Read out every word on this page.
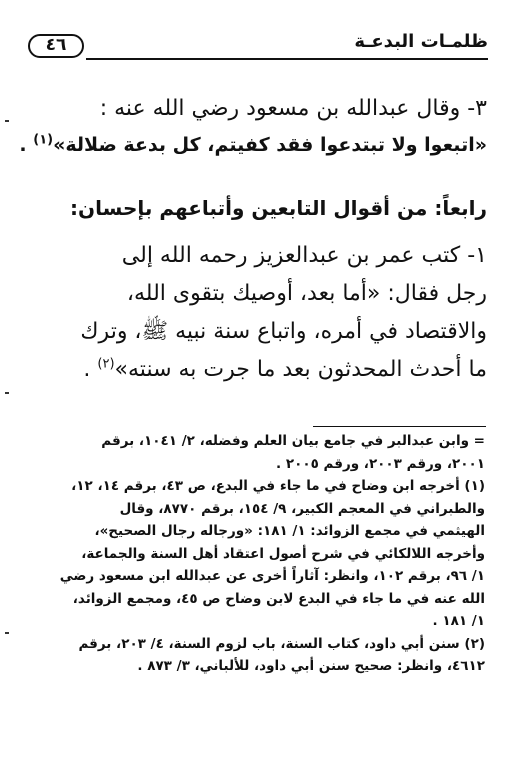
٤٦	ظلمـات البدعـة
٣- وقال عبدالله بن مسعود رضي الله عنه :
«اتبعوا ولا تبتدعوا فقد كفيتم، كل بدعة ضلالة»$^{(١)}$ .
رابعاً: من أقوال التابعين وأتباعهم بإحسان:
١- كتب عمر بن عبدالعزيز رحمه الله إلى
رجل فقال: «أما بعد، أوصيك بتقوى الله،
والاقتصاد في أمره، واتباع سنة نبيه ﷺ، وترك
ما أحدث المحدثون بعد ما جرت به سنته»$^{(٢)}$ .
= وابن عبدالبر في جامع بيان العلم وفضله، ٢/ ١٠٤١، برقم
٢٠٠١، ورقم ٢٠٠٣، ورقم ٢٠٠٥ .
(١) أخرجه ابن وضاح في ما جاء في البدع، ص ٤٣، برقم ١٤، ١٢،
والطبراني في المعجم الكبير، ٩/ ١٥٤، برقم ٨٧٧٠، وقال
الهيثمي في مجمع الزوائد: ١/ ١٨١: «ورجاله رجال الصحيح»،
وأخرجه اللالكائي في شرح أصول اعتقاد أهل السنة والجماعة،
١/ ٩٦، برقم ١٠٢، وانظر: آثاراً أخرى عن عبدالله ابن مسعود رضي
الله عنه في ما جاء في البدع لابن وضاح ص ٤٥، ومجمع الزوائد،
١/ ١٨١ .
(٢) سنن أبي داود، كتاب السنة، باب لزوم السنة، ٤/ ٢٠٣، برقم
٤٦١٢، وانظر: صحيح سنن أبي داود، للألباني، ٣/ ٨٧٣ .
